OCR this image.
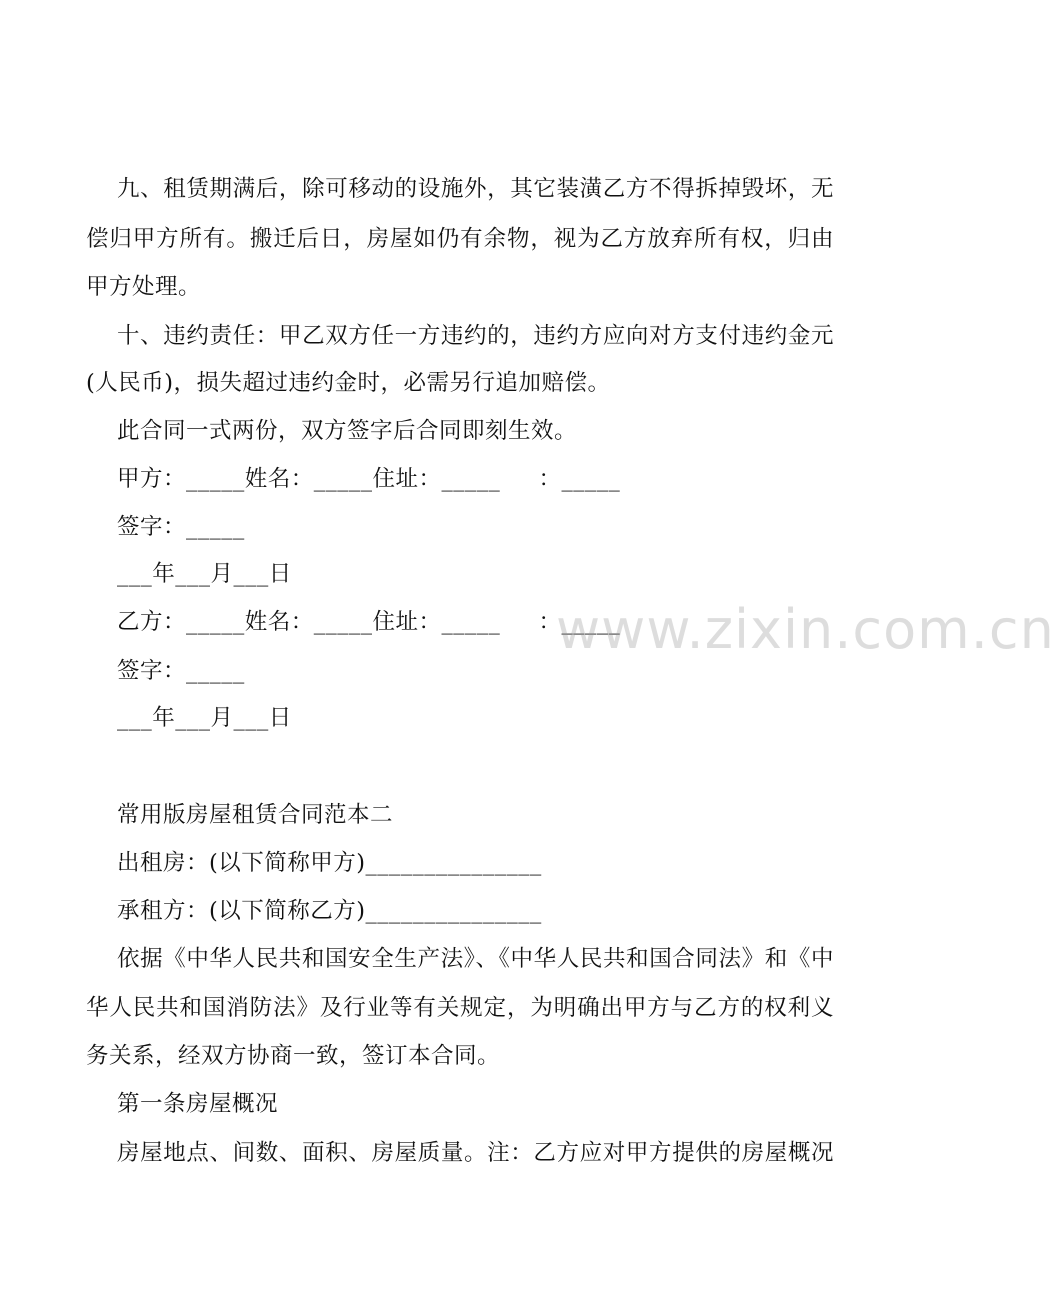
九、租赁期满后，除可移动的设施外，其它装潢乙方不得拆掉毁坏，无
偿归甲方所有。搬迁后日，房屋如仍有余物，视为乙方放弃所有权，归由
甲方处理。
十、违约责任：甲乙双方任一方违约的，违约方应向对方支付违约金元
(人民币)，损失超过违约金时，必需另行追加赔偿。
此合同一式两份，双方签字后合同即刻生效。
甲方：_____姓名：_____住址：_____     ：_____
签字：_____
___年___月___日
乙方：_____姓名：_____住址：_____     ：_____
签字：_____
___年___月___日
常用版房屋租赁合同范本二
出租房：(以下简称甲方)_______________
承租方：(以下简称乙方)_______________
依据《中华人民共和国安全生产法》、《中华人民共和国合同法》和《中
华人民共和国消防法》及行业等有关规定，为明确出甲方与乙方的权利义
务关系，经双方协商一致，签订本合同。
第一条房屋概况
房屋地点、间数、面积、房屋质量。注：乙方应对甲方提供的房屋概况
www.zixin.com.cn
